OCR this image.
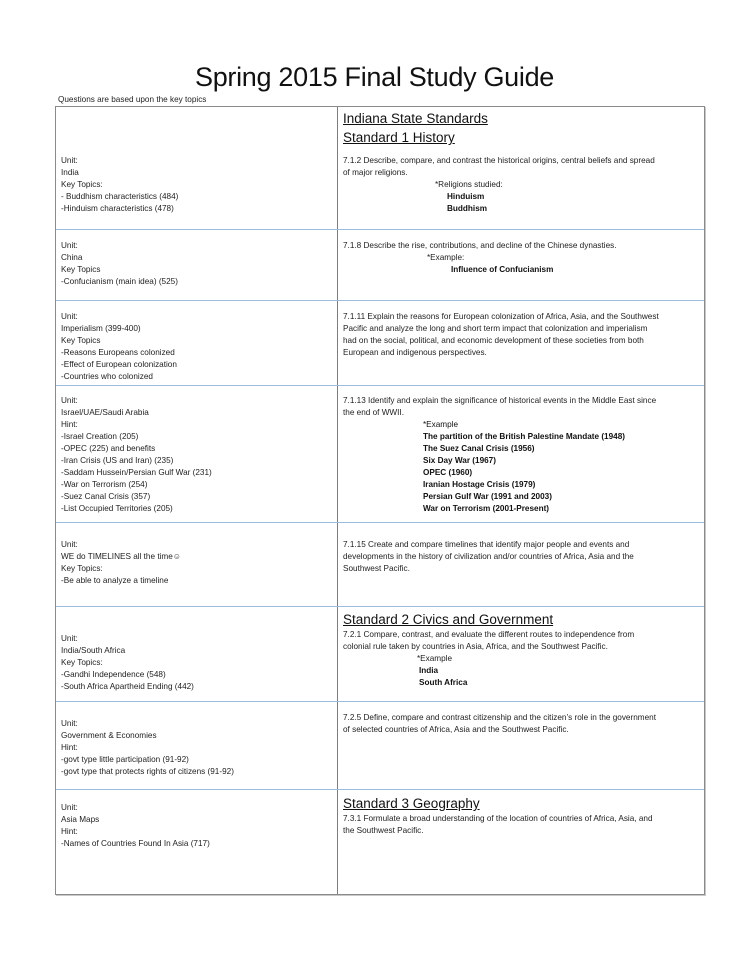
Spring 2015 Final Study Guide
Questions are based upon the key topics
Indiana State Standards
Standard 1 History
Unit:
India
Key Topics:
- Buddhism characteristics (484)
-Hinduism characteristics (478)
7.1.2 Describe, compare, and contrast the historical origins, central beliefs and spread
of major religions.
*Religions studied:
Hinduism
Buddhism
Unit:
China
Key Topics
-Confucianism (main idea) (525)
7.1.8 Describe the rise, contributions, and decline of the Chinese dynasties.
*Example:
Influence of Confucianism
Unit:
Imperialism (399-400)
Key Topics
-Reasons Europeans colonized
-Effect of European colonization
-Countries who colonized
7.1.11 Explain the reasons for European colonization of Africa, Asia, and the Southwest
Pacific and analyze the long and short term impact that colonization and imperialism
had on the social, political, and economic development of these societies from both
European and indigenous perspectives.
Unit:
Israel/UAE/Saudi Arabia
Hint:
-Israel Creation (205)
-OPEC (225) and benefits
-Iran Crisis (US and Iran) (235)
-Saddam Hussein/Persian Gulf War (231)
-War on Terrorism (254)
-Suez Canal Crisis (357)
-List Occupied Territories (205)
7.1.13 Identify and explain the significance of historical events in the Middle East since
the end of WWII.
*Example
The partition of the British Palestine Mandate (1948)
The Suez Canal Crisis (1956)
Six Day War (1967)
OPEC (1960)
Iranian Hostage Crisis (1979)
Persian Gulf War (1991 and 2003)
War on Terrorism (2001-Present)
Unit:
WE do TIMELINES all the time☺
Key Topics:
-Be able to analyze a timeline
7.1.15 Create and compare timelines that identify major people and events and
developments in the history of civilization and/or countries of Africa, Asia and the
Southwest Pacific.
Unit:
India/South Africa
Key Topics:
-Gandhi Independence (548)
-South Africa Apartheid Ending (442)
Standard 2 Civics and Government
7.2.1 Compare, contrast, and evaluate the different routes to independence from
colonial rule taken by countries in Asia, Africa, and the Southwest Pacific.
*Example
India
South Africa
Unit:
Government & Economies
Hint:
-govt type little participation (91-92)
-govt type that protects rights of citizens (91-92)
7.2.5 Define, compare and contrast citizenship and the citizen’s role in the government
of selected countries of Africa, Asia and the Southwest Pacific.
Unit:
Asia Maps
Hint:
-Names of Countries Found In Asia (717)
Standard 3 Geography
7.3.1 Formulate a broad understanding of the location of countries of Africa, Asia, and
the Southwest Pacific.
